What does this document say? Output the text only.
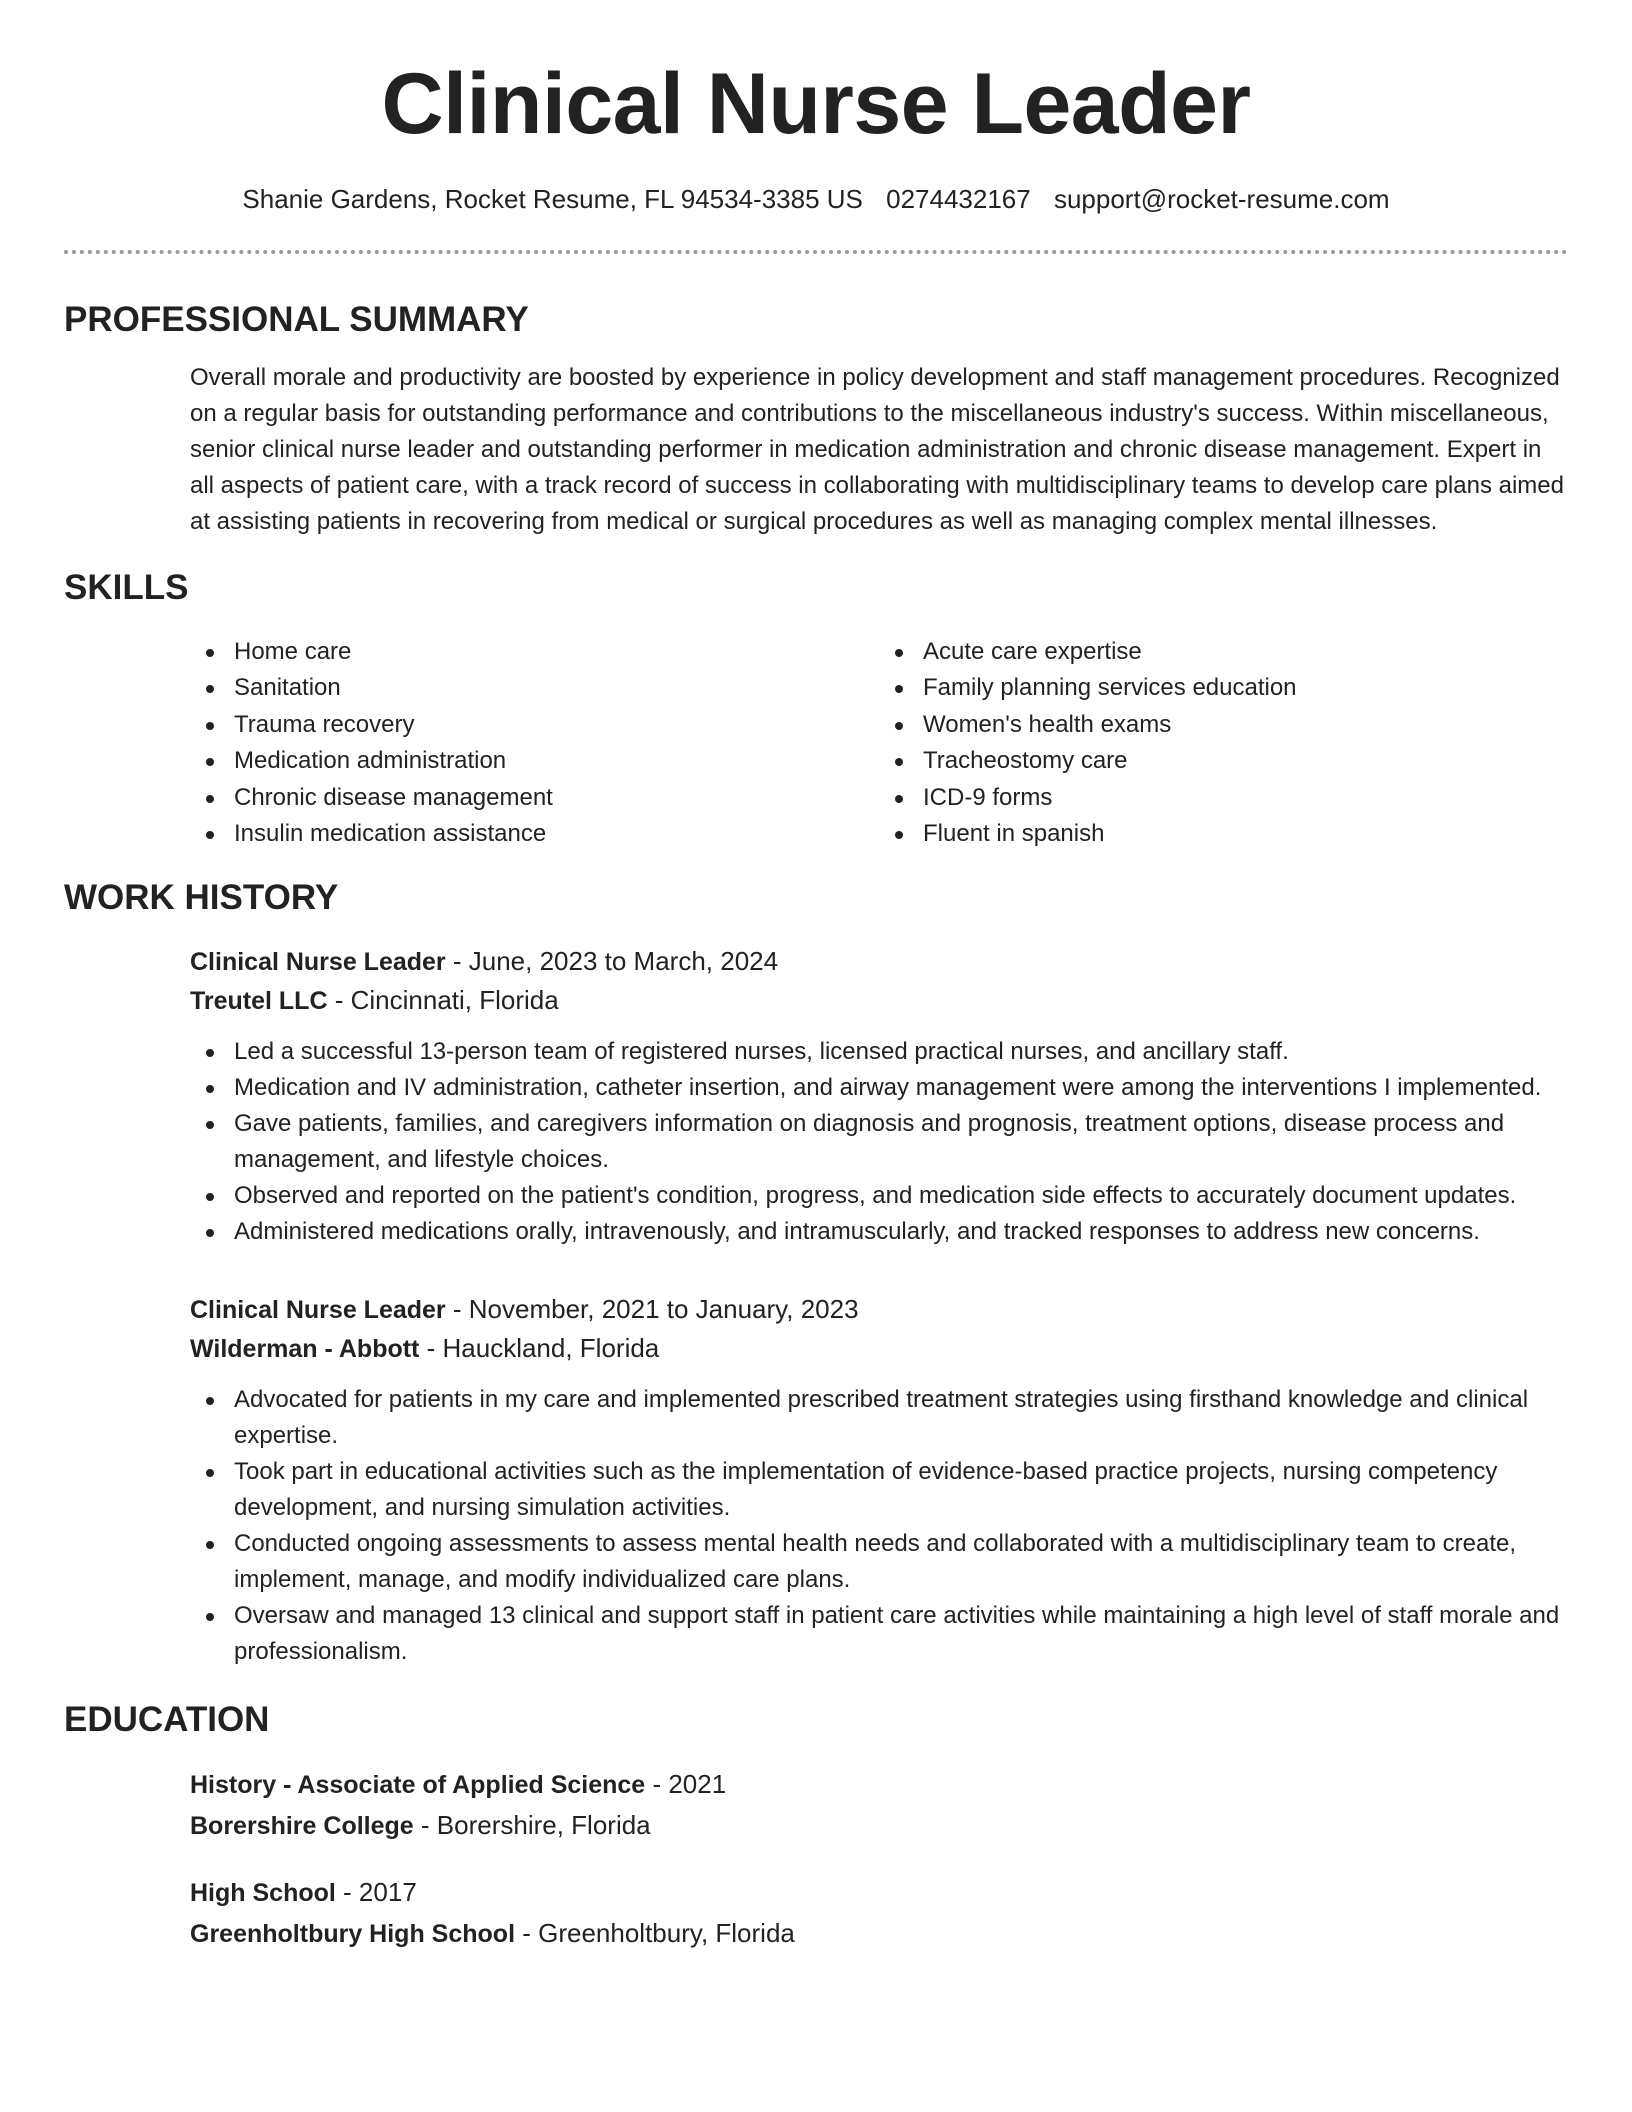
Clinical Nurse Leader
Shanie Gardens, Rocket Resume, FL 94534-3385 US 0274432167 support@rocket-resume.com
PROFESSIONAL SUMMARY

Overall morale and productivity are boosted by experience in policy development and staff management procedures. Recognized on a regular basis for outstanding performance and contributions to the miscellaneous industry's success. Within miscellaneous, senior clinical nurse leader and outstanding performer in medication administration and chronic disease management. Expert in all aspects of patient care, with a track record of success in collaborating with multidisciplinary teams to develop care plans aimed at assisting patients in recovering from medical or surgical procedures as well as managing complex mental illnesses.

SKILLS
Home care
Sanitation
Trauma recovery
Medication administration
Chronic disease management
Insulin medication assistance
Acute care expertise
Family planning services education
Women's health exams
Tracheostomy care
ICD-9 forms
Fluent in spanish
WORK HISTORY
Clinical Nurse Leader - June, 2023 to March, 2024
Treutel LLC - Cincinnati, Florida
Led a successful 13-person team of registered nurses, licensed practical nurses, and ancillary staff.
Medication and IV administration, catheter insertion, and airway management were among the interventions I implemented.
Gave patients, families, and caregivers information on diagnosis and prognosis, treatment options, disease process and management, and lifestyle choices.
Observed and reported on the patient's condition, progress, and medication side effects to accurately document updates.
Administered medications orally, intravenously, and intramuscularly, and tracked responses to address new concerns.
Clinical Nurse Leader - November, 2021 to January, 2023
Wilderman - Abbott - Hauckland, Florida
Advocated for patients in my care and implemented prescribed treatment strategies using firsthand knowledge and clinical expertise.
Took part in educational activities such as the implementation of evidence-based practice projects, nursing competency development, and nursing simulation activities.
Conducted ongoing assessments to assess mental health needs and collaborated with a multidisciplinary team to create, implement, manage, and modify individualized care plans.
Oversaw and managed 13 clinical and support staff in patient care activities while maintaining a high level of staff morale and professionalism.
EDUCATION
History - Associate of Applied Science - 2021
Borershire College - Borershire, Florida
High School - 2017
Greenholtbury High School - Greenholtbury, Florida
